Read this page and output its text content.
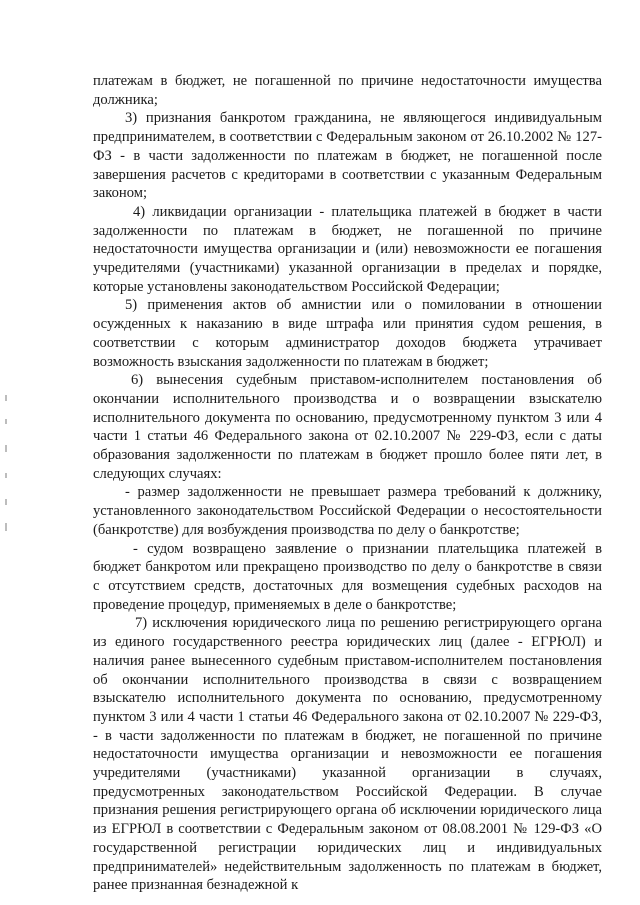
платежам в бюджет, не погашенной по причине недостаточности имущества должника;

3) признания банкротом гражданина, не являющегося индивидуальным предпринимателем, в соответствии с Федеральным законом от 26.10.2002 № 127-ФЗ - в части задолженности по платежам в бюджет, не погашенной после завершения расчетов с кредиторами в соответствии с указанным Федеральным законом;

4) ликвидации организации - плательщика платежей в бюджет в части задолженности по платежам в бюджет, не погашенной по причине недостаточности имущества организации и (или) невозможности ее погашения учредителями (участниками) указанной организации в пределах и порядке, которые установлены законодательством Российской Федерации;

5) применения актов об амнистии или о помиловании в отношении осужденных к наказанию в виде штрафа или принятия судом решения, в соответствии с которым администратор доходов бюджета утрачивает возможность взыскания задолженности по платежам в бюджет;

6) вынесения судебным приставом-исполнителем постановления об окончании исполнительного производства и о возвращении взыскателю исполнительного документа по основанию, предусмотренному пунктом 3 или 4 части 1 статьи 46 Федерального закона от 02.10.2007 № 229-ФЗ, если с даты образования задолженности по платежам в бюджет прошло более пяти лет, в следующих случаях:

- размер задолженности не превышает размера требований к должнику, установленного законодательством Российской Федерации о несостоятельности (банкротстве) для возбуждения производства по делу о банкротстве;

- судом возвращено заявление о признании плательщика платежей в бюджет банкротом или прекращено производство по делу о банкротстве в связи с отсутствием средств, достаточных для возмещения судебных расходов на проведение процедур, применяемых в деле о банкротстве;

7) исключения юридического лица по решению регистрирующего органа из единого государственного реестра юридических лиц (далее - ЕГРЮЛ) и наличия ранее вынесенного судебным приставом-исполнителем постановления об окончании исполнительного производства в связи с возвращением взыскателю исполнительного документа по основанию, предусмотренному пунктом 3 или 4 части 1 статьи 46 Федерального закона от 02.10.2007 № 229-ФЗ, - в части задолженности по платежам в бюджет, не погашенной по причине недостаточности имущества организации и невозможности ее погашения учредителями (участниками) указанной организации в случаях, предусмотренных законодательством Российской Федерации. В случае признания решения регистрирующего органа об исключении юридического лица из ЕГРЮЛ в соответствии с Федеральным законом от 08.08.2001 № 129-ФЗ «О государственной регистрации юридических лиц и индивидуальных предпринимателей» недействительным задолженность по платежам в бюджет, ранее признанная безнадежной к
